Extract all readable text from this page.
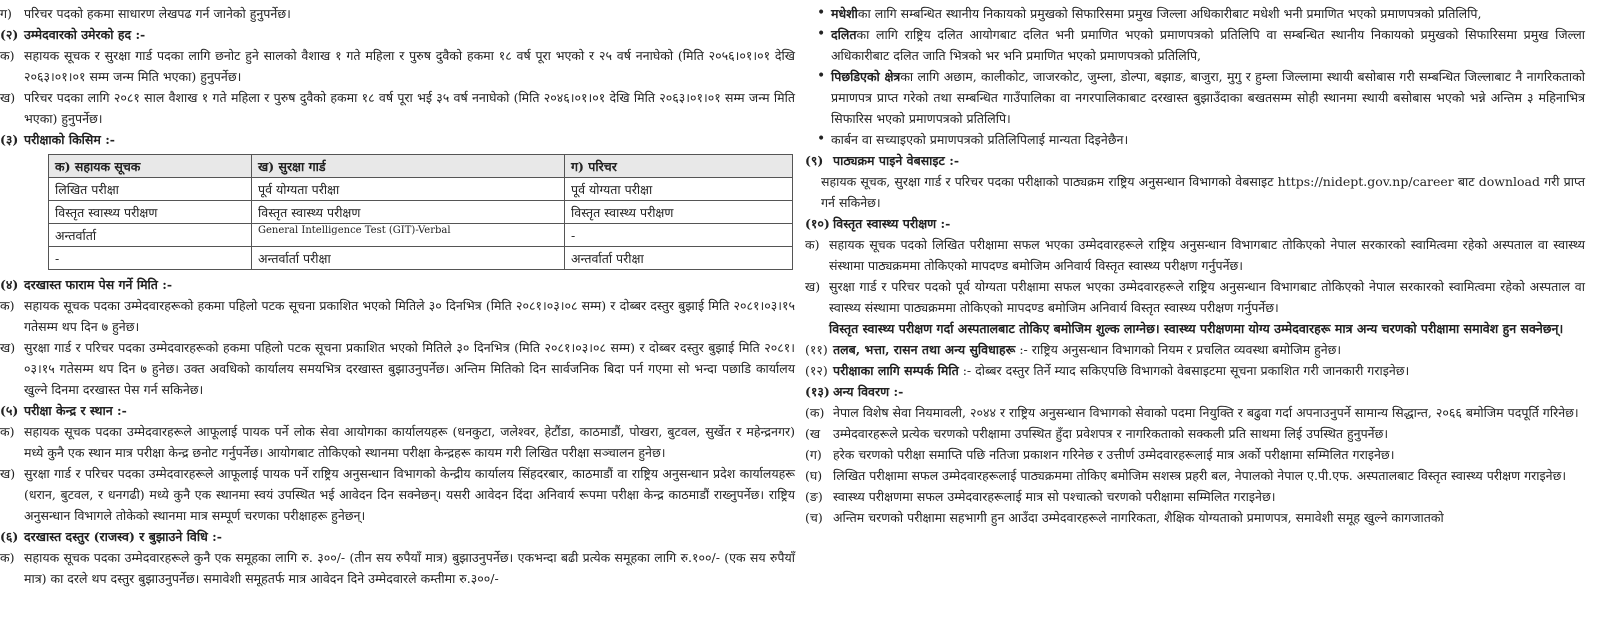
ग) परिचर पदको हकमा साधारण लेखपढ गर्न जानेको हुनुपर्नेछ।
(२) उम्मेदवारको उमेरको हद :-
क) सहायक सूचक र सुरक्षा गार्ड पदका लागि छनोट हुने सालको वैशाख १ गते महिला र पुरुष दुवैको हकमा १८ वर्ष पूरा भएको र २५ वर्ष ननाघेको (मिति २०५६।०१।०१ देखि २०६३।०१।०१ सम्म जन्म मिति भएका) हुनुपर्नेछ।
ख) परिचर पदका लागि २०८१ साल वैशाख १ गते महिला र पुरुष दुवैको हकमा १८ वर्ष पूरा भई ३५ वर्ष ननाघेको (मिति २०४६।०१।०१ देखि मिति २०६३।०१।०१ सम्म जन्म मिति भएका) हुनुपर्नेछ।
(३) परीक्षाको किसिम :-
क) सहायक सूचक	ख) सुरक्षा गार्ड	ग) परिचर
लिखित परीक्षा	पूर्व योग्यता परीक्षा	पूर्व योग्यता परीक्षा
विस्तृत स्वास्थ्य परीक्षण	विस्तृत स्वास्थ्य परीक्षण	विस्तृत स्वास्थ्य परीक्षण
अन्तर्वार्ता	General Intelligence Test (GIT)-Verbal	-
-	अन्तर्वार्ता परीक्षा	अन्तर्वार्ता परीक्षा
(४) दरखास्त फाराम पेस गर्ने मिति :-
क) सहायक सूचक पदका उम्मेदवारहरूको हकमा पहिलो पटक सूचना प्रकाशित भएको मितिले ३० दिनभित्र (मिति २०८१।०३।०८ सम्म) र दोब्बर दस्तुर बुझाई मिति २०८१।०३।१५ गतेसम्म थप दिन ७ हुनेछ।
ख) सुरक्षा गार्ड र परिचर पदका उम्मेदवारहरूको हकमा पहिलो पटक सूचना प्रकाशित भएको मितिले ३० दिनभित्र (मिति २०८१।०३।०८ सम्म) र दोब्बर दस्तुर बुझाई मिति २०८१।०३।१५ गतेसम्म थप दिन ७ हुनेछ। उक्त अवधिको कार्यालय समयभित्र दरखास्त बुझाउनुपर्नेछ। अन्तिम मितिको दिन सार्वजनिक बिदा पर्न गएमा सो भन्दा पछाडि कार्यालय खुल्ने दिनमा दरखास्त पेस गर्न सकिनेछ।
(५) परीक्षा केन्द्र र स्थान :-
क) सहायक सूचक पदका उम्मेदवारहरूले आफूलाई पायक पर्ने लोक सेवा आयोगका कार्यालयहरू (धनकुटा, जलेश्वर, हेटौंडा, काठमाडौं, पोखरा, बुटवल, सुर्खेत र महेन्द्रनगर) मध्ये कुनै एक स्थान मात्र परीक्षा केन्द्र छनोट गर्नुपर्नेछ। आयोगबाट तोकिएको स्थानमा परीक्षा केन्द्रहरू कायम गरी लिखित परीक्षा सञ्चालन हुनेछ।
ख) सुरक्षा गार्ड र परिचर पदका उम्मेदवारहरूले आफूलाई पायक पर्ने राष्ट्रिय अनुसन्धान विभागको केन्द्रीय कार्यालय सिंहदरबार, काठमाडौं वा राष्ट्रिय अनुसन्धान प्रदेश कार्यालयहरू (धरान, बुटवल, र धनगढी) मध्ये कुनै एक स्थानमा स्वयं उपस्थित भई आवेदन दिन सक्नेछन्। यसरी आवेदन दिंदा अनिवार्य रूपमा परीक्षा केन्द्र काठमाडौं राख्नुपर्नेछ। राष्ट्रिय अनुसन्धान विभागले तोकेको स्थानमा मात्र सम्पूर्ण चरणका परीक्षाहरू हुनेछन्।
(६) दरखास्त दस्तुर (राजस्व) र बुझाउने विधि :-
क) सहायक सूचक पदका उम्मेदवारहरूले कुनै एक समूहका लागि रु. ३००/- (तीन सय रुपैयाँ मात्र) बुझाउनुपर्नेछ। एकभन्दा बढी प्रत्येक समूहका लागि रु.१००/- (एक सय रुपैयाँ मात्र) का दरले थप दस्तुर बुझाउनुपर्नेछ। समावेशी समूहतर्फ मात्र आवेदन दिने उम्मेदवारले कम्तीमा रु.३००/-
• मधेशीका लागि सम्बन्धित स्थानीय निकायको प्रमुखको सिफारिसमा प्रमुख जिल्ला अधिकारीबाट मधेशी भनी प्रमाणित भएको प्रमाणपत्रको प्रतिलिपि,
• दलितका लागि राष्ट्रिय दलित आयोगबाट दलित भनी प्रमाणित भएको प्रमाणपत्रको प्रतिलिपि वा सम्बन्धित स्थानीय निकायको प्रमुखको सिफारिसमा प्रमुख जिल्ला अधिकारीबाट दलित जाति भित्रको भर भनि प्रमाणित भएको प्रमाणपत्रको प्रतिलिपि,
• पिछडिएको क्षेत्रका लागि अछाम, कालीकोट, जाजरकोट, जुम्ला, डोल्पा, बझाङ, बाजुरा, मुगु र हुम्ला जिल्लामा स्थायी बसोबास गरी सम्बन्धित जिल्लाबाट नै नागरिकताको प्रमाणपत्र प्राप्त गरेको तथा सम्बन्धित गाउँपालिका वा नगरपालिकाबाट दरखास्त बुझाउँदाका बखतसम्म सोही स्थानमा स्थायी बसोबास भएको भन्ने अन्तिम ३ महिनाभित्र सिफारिस भएको प्रमाणपत्रको प्रतिलिपि।
• कार्बन वा सच्याइएको प्रमाणपत्रको प्रतिलिपिलाई मान्यता दिइनेछैन।
(९) पाठ्यक्रम पाइने वेबसाइट :-
सहायक सूचक, सुरक्षा गार्ड र परिचर पदका परीक्षाको पाठ्यक्रम राष्ट्रिय अनुसन्धान विभागको वेबसाइट https://nidept.gov.np/career बाट download गरी प्राप्त गर्न सकिनेछ।
(१०) विस्तृत स्वास्थ्य परीक्षण :-
क) सहायक सूचक पदको लिखित परीक्षामा सफल भएका उम्मेदवारहरूले राष्ट्रिय अनुसन्धान विभागबाट तोकिएको नेपाल सरकारको स्वामित्वमा रहेको अस्पताल वा स्वास्थ्य संस्थामा पाठ्यक्रममा तोकिएको मापदण्ड बमोजिम अनिवार्य विस्तृत स्वास्थ्य परीक्षण गर्नुपर्नेछ।
ख) सुरक्षा गार्ड र परिचर पदको पूर्व योग्यता परीक्षामा सफल भएका उम्मेदवारहरूले राष्ट्रिय अनुसन्धान विभागबाट तोकिएको नेपाल सरकारको स्वामित्वमा रहेको अस्पताल वा स्वास्थ्य संस्थामा पाठ्यक्रममा तोकिएको मापदण्ड बमोजिम अनिवार्य विस्तृत स्वास्थ्य परीक्षण गर्नुपर्नेछ।
विस्तृत स्वास्थ्य परीक्षण गर्दा अस्पतालबाट तोकिए बमोजिम शुल्क लाग्नेछ। स्वास्थ्य परीक्षणमा योग्य उम्मेदवारहरू मात्र अन्य चरणको परीक्षामा समावेश हुन सक्नेछन्।
(११) तलब, भत्ता, रासन तथा अन्य सुविधाहरू :- राष्ट्रिय अनुसन्धान विभागको नियम र प्रचलित व्यवस्था बमोजिम हुनेछ।
(१२) परीक्षाका लागि सम्पर्क मिति :- दोब्बर दस्तुर तिर्ने म्याद सकिएपछि विभागको वेबसाइटमा सूचना प्रकाशित गरी जानकारी गराइनेछ।
(१३) अन्य विवरण :-
(क) नेपाल विशेष सेवा नियमावली, २०४४ र राष्ट्रिय अनुसन्धान विभागको सेवाको पदमा नियुक्ति र बढुवा गर्दा अपनाउनुपर्ने सामान्य सिद्धान्त, २०६६ बमोजिम पदपूर्ति गरिनेछ।
(ख	उम्मेदवारहरूले प्रत्येक चरणको परीक्षामा उपस्थित हुँदा प्रवेशपत्र र नागरिकताको सक्कली प्रति साथमा लिई उपस्थित हुनुपर्नेछ।
(ग) हरेक चरणको परीक्षा समाप्ति पछि नतिजा प्रकाशन गरिनेछ र उत्तीर्ण उम्मेदवारहरूलाई मात्र अर्को परीक्षामा सम्मिलित गराइनेछ।
(घ) लिखित परीक्षामा सफल उम्मेदवारहरूलाई पाठ्यक्रममा तोकिए बमोजिम सशस्त्र प्रहरी बल, नेपालको नेपाल ए.पी.एफ. अस्पतालबाट विस्तृत स्वास्थ्य परीक्षण गराइनेछ।
(ङ) स्वास्थ्य परीक्षणमा सफल उम्मेदवारहरूलाई मात्र सो पश्चात्को चरणको परीक्षामा सम्मिलित गराइनेछ।
(च) अन्तिम चरणको परीक्षामा सहभागी हुन आउँदा उम्मेदवारहरूले नागरिकता, शैक्षिक योग्यताको प्रमाणपत्र, समावेशी समूह खुल्ने कागजातको
